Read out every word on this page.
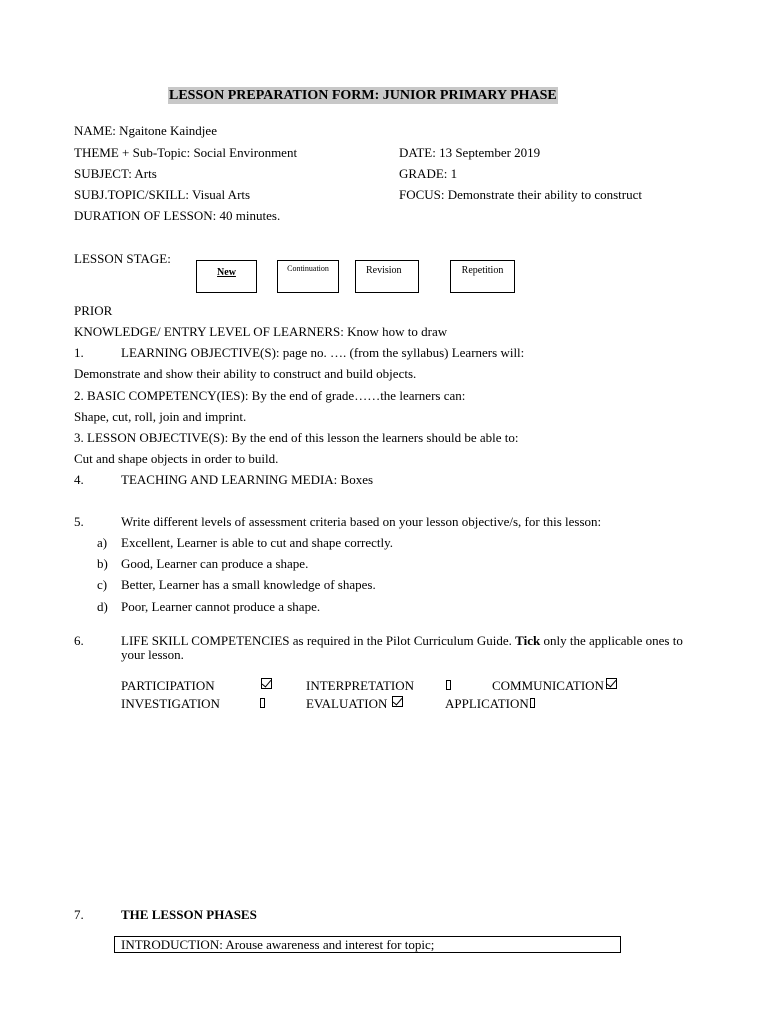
LESSON PREPARATION FORM: JUNIOR PRIMARY PHASE
NAME: Ngaitone Kaindjee
THEME + Sub-Topic: Social Environment	DATE: 13 September 2019
SUBJECT: Arts	GRADE: 1
SUBJ.TOPIC/SKILL: Visual Arts	FOCUS: Demonstrate their ability to construct
DURATION OF LESSON: 40 minutes.
LESSON STAGE:
New	Continuation	Revision	Repetition
PRIOR
KNOWLEDGE/ ENTRY LEVEL OF LEARNERS: Know how to draw
1.	LEARNING OBJECTIVE(S): page no. …. (from the syllabus) Learners will:
Demonstrate and show their ability to construct and build objects.
2. BASIC COMPETENCY(IES): By the end of grade……the learners can:
Shape, cut, roll, join and imprint.
3. LESSON OBJECTIVE(S): By the end of this lesson the learners should be able to:
Cut and shape objects in order to build.
4.	TEACHING AND LEARNING MEDIA: Boxes
5.	Write different levels of assessment criteria based on your lesson objective/s, for this lesson:
a) Excellent, Learner is able to cut and shape correctly.
b) Good, Learner can produce a shape.
c) Better, Learner has a small knowledge of shapes.
d) Poor, Learner cannot produce a shape.
6.	LIFE SKILL COMPETENCIES as required in the Pilot Curriculum Guide. Tick only the applicable ones to
your lesson.
PARTICIPATION	INTERPRETATION	COMMUNICATION
INVESTIGATION	EVALUATION	APPLICATION
7.	THE LESSON PHASES
INTRODUCTION: Arouse awareness and interest for topic;
